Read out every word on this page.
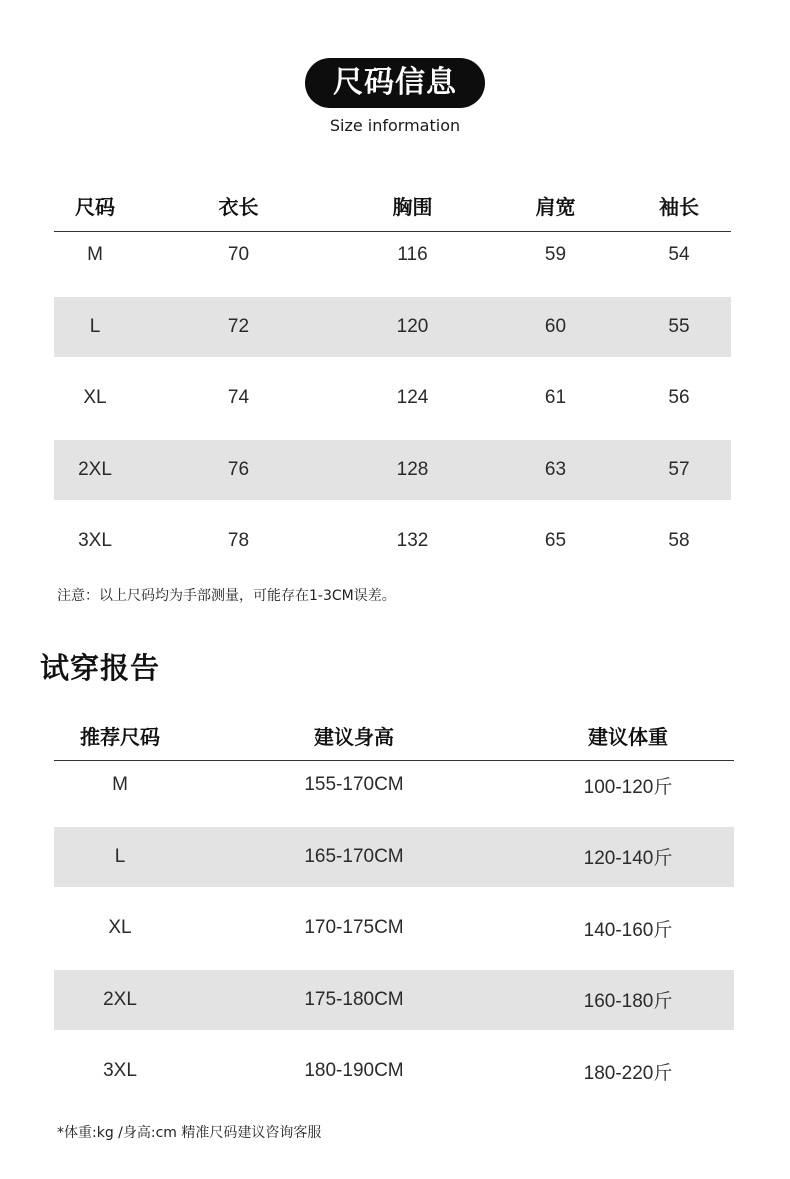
尺码信息
Size information
尺码	衣长	胸围	肩宽	袖长
M	70	116	59	54
L	72	120	60	55
XL	74	124	61	56
2XL	76	128	63	57
3XL	78	132	65	58
注意：以上尺码均为手部测量，可能存在1-3CM误差。
试穿报告
推荐尺码	建议身高	建议体重
M	155-170CM	100-120斤
L	165-170CM	120-140斤
XL	170-175CM	140-160斤
2XL	175-180CM	160-180斤
3XL	180-190CM	180-220斤
*体重:kg /身高:cm 精准尺码建议咨询客服
